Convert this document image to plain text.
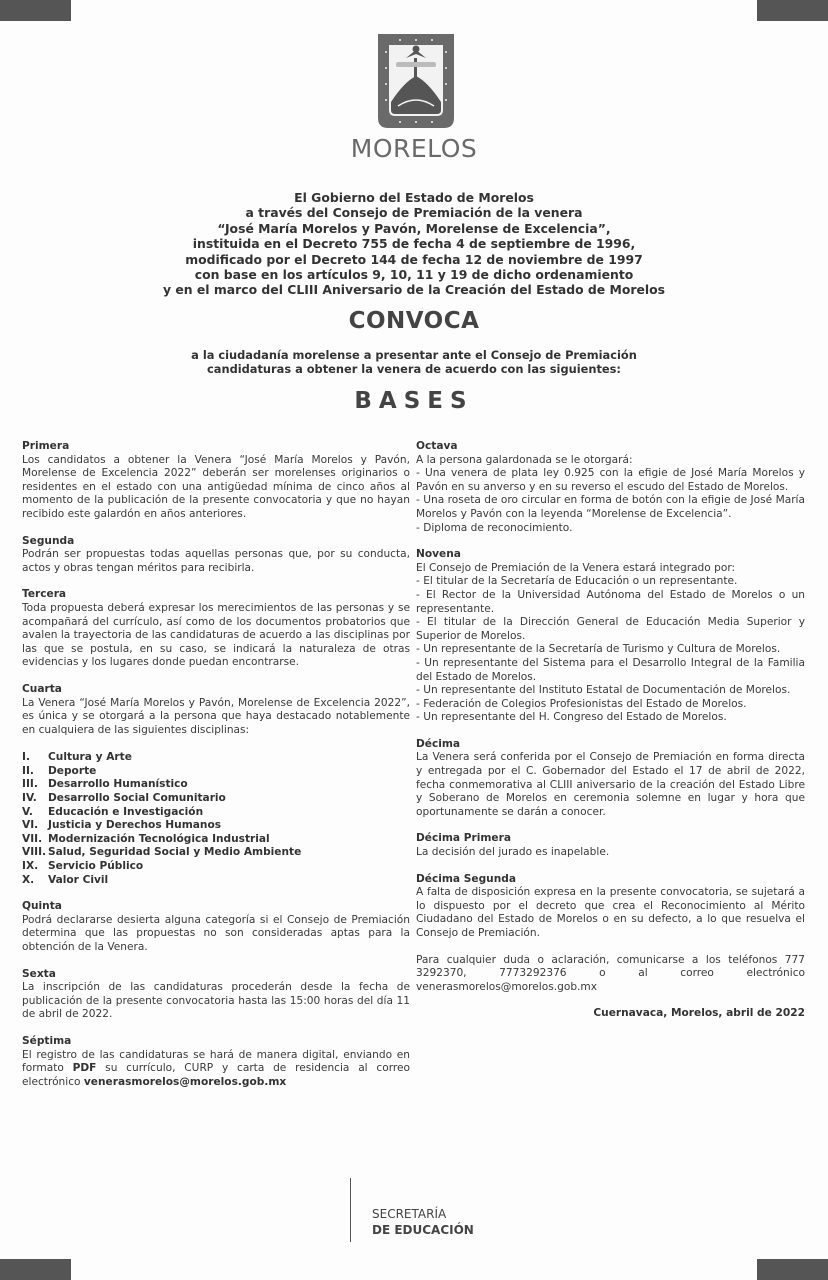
MORELOS
El Gobierno del Estado de Morelos
a través del Consejo de Premiación de la venera
“José María Morelos y Pavón, Morelense de Excelencia”,
instituida en el Decreto 755 de fecha 4 de septiembre de 1996,
modificado por el Decreto 144 de fecha 12 de noviembre de 1997
con base en los artículos 9, 10, 11 y 19 de dicho ordenamiento
y en el marco del CLIII Aniversario de la Creación del Estado de Morelos
CONVOCA
a la ciudadanía morelense a presentar ante el Consejo de Premiación
candidaturas a obtener la venera de acuerdo con las siguientes:
BASES
Primera
Los candidatos a obtener la Venera “José María Morelos y Pavón, Morelense de Excelencia 2022” deberán ser morelenses originarios o residentes en el estado con una antigüedad mínima de cinco años al momento de la publicación de la presente convocatoria y que no hayan recibido este galardón en años anteriores.
Segunda
Podrán ser propuestas todas aquellas personas que, por su conducta, actos y obras tengan méritos para recibirla.
Tercera
Toda propuesta deberá expresar los merecimientos de las personas y se acompañará del currículo, así como de los documentos probatorios que avalen la trayectoria de las candidaturas de acuerdo a las disciplinas por las que se postula, en su caso, se indicará la naturaleza de otras evidencias y los lugares donde puedan encontrarse.
Cuarta
La Venera “José María Morelos y Pavón, Morelense de Excelencia 2022”, es única y se otorgará a la persona que haya destacado notablemente en cualquiera de las siguientes disciplinas:
I.	Cultura y Arte
II.	Deporte
III. Desarrollo Humanístico
IV.	Desarrollo Social Comunitario
V.	Educación e Investigación
VI. Justicia y Derechos Humanos
VII. Modernización Tecnológica Industrial
VIII. Salud, Seguridad Social y Medio Ambiente
IX. Servicio Público
X.	Valor Civil
Quinta
Podrá declararse desierta alguna categoría si el Consejo de Premiación determina que las propuestas no son consideradas aptas para la obtención de la Venera.
Sexta
La inscripción de las candidaturas procederán desde la fecha de publicación de la presente convocatoria hasta las 15:00 horas del día 11 de abril de 2022.
Séptima
El registro de las candidaturas se hará de manera digital, enviando en formato PDF su currículo, CURP y carta de residencia al correo electrónico venerasmorelos@morelos.gob.mx
Octava
A la persona galardonada se le otorgará:
- Una venera de plata ley 0.925 con la efigie de José María Morelos y Pavón en su anverso y en su reverso el escudo del Estado de Morelos.
- Una roseta de oro circular en forma de botón con la efigie de José María Morelos y Pavón con la leyenda “Morelense de Excelencia”.
- Diploma de reconocimiento.
Novena
El Consejo de Premiación de la Venera estará integrado por:
- El titular de la Secretaría de Educación o un representante.
- El Rector de la Universidad Autónoma del Estado de Morelos o un representante.
- El titular de la Dirección General de Educación Media Superior y Superior de Morelos.
- Un representante de la Secretaría de Turismo y Cultura de Morelos.
- Un representante del Sistema para el Desarrollo Integral de la Familia del Estado de Morelos.
- Un representante del Instituto Estatal de Documentación de Morelos.
- Federación de Colegios Profesionistas del Estado de Morelos.
- Un representante del H. Congreso del Estado de Morelos.
Décima
La Venera será conferida por el Consejo de Premiación en forma directa y entregada por el C. Gobernador del Estado el 17 de abril de 2022, fecha conmemorativa al CLIII aniversario de la creación del Estado Libre y Soberano de Morelos en ceremonia solemne en lugar y hora que oportunamente se darán a conocer.
Décima Primera
La decisión del jurado es inapelable.
Décima Segunda
A falta de disposición expresa en la presente convocatoria, se sujetará a lo dispuesto por el decreto que crea el Reconocimiento al Mérito Ciudadano del Estado de Morelos o en su defecto, a lo que resuelva el Consejo de Premiación.
Para cualquier duda o aclaración, comunicarse a los teléfonos 777 3292370, 7773292376 o al correo electrónico venerasmorelos@morelos.gob.mx
Cuernavaca, Morelos, abril de 2022
SECRETARÍA
DE EDUCACIÓN
